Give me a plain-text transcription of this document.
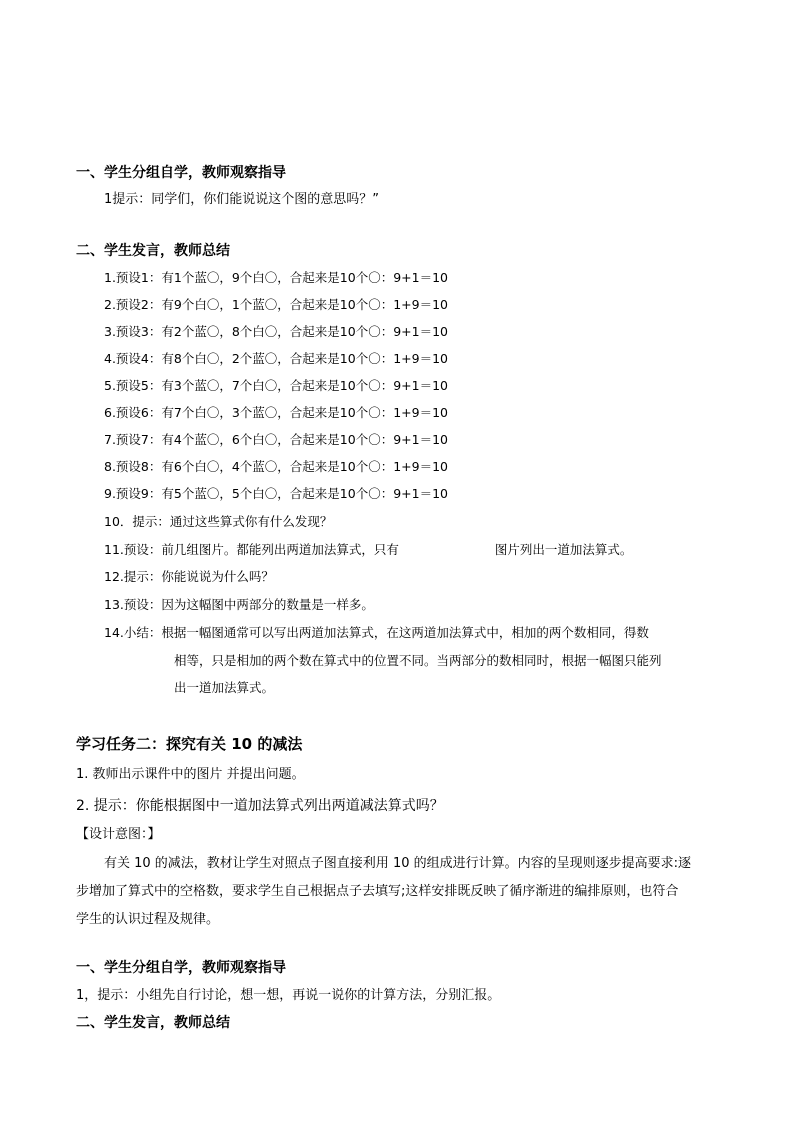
一、学生分组自学，教师观察指导
1提示：同学们，你们能说说这个图的意思吗？”
二、学生发言，教师总结
1.预设1：有1个蓝〇，9个白〇，合起来是10个〇：9+1＝10
2.预设2：有9个白〇，1个蓝〇，合起来是10个〇：1+9＝10
3.预设3：有2个蓝〇，8个白〇，合起来是10个〇：9+1＝10
4.预设4：有8个白〇，2个蓝〇，合起来是10个〇：1+9＝10
5.预设5：有3个蓝〇，7个白〇，合起来是10个〇：9+1＝10
6.预设6：有7个白〇，3个蓝〇，合起来是10个〇：1+9＝10
7.预设7：有4个蓝〇，6个白〇，合起来是10个〇：9+1＝10
8.预设8：有6个白〇，4个蓝〇，合起来是10个〇：1+9＝10
9.预设9：有5个蓝〇，5个白〇，合起来是10个〇：9+1＝10
10．提示：通过这些算式你有什么发现？
11.预设：前几组图片。都能列出两道加法算式，只有	图片列出一道加法算式。
12.提示：你能说说为什么吗？
13.预设：因为这幅图中两部分的数量是一样多。
14.小结：根据一幅图通常可以写出两道加法算式，在这两道加法算式中，相加的两个数相同，得数
相等，只是相加的两个数在算式中的位置不同。当两部分的数相同时，根据一幅图只能列
出一道加法算式。
学习任务二：探究有关 10 的减法
1. 教师出示课件中的图片 并提出问题。
2. 提示：你能根据图中一道加法算式列出两道减法算式吗？
【设计意图：】
有关 10 的减法，教材让学生对照点子图直接利用 10 的组成进行计算。内容的呈现则逐步提高要求:逐
步增加了算式中的空格数，要求学生自己根据点子去填写;这样安排既反映了循序渐进的编排原则，也符合
学生的认识过程及规律。
一、学生分组自学，教师观察指导
1，提示：小组先自行讨论，想一想，再说一说你的计算方法，分别汇报。
二、学生发言，教师总结
